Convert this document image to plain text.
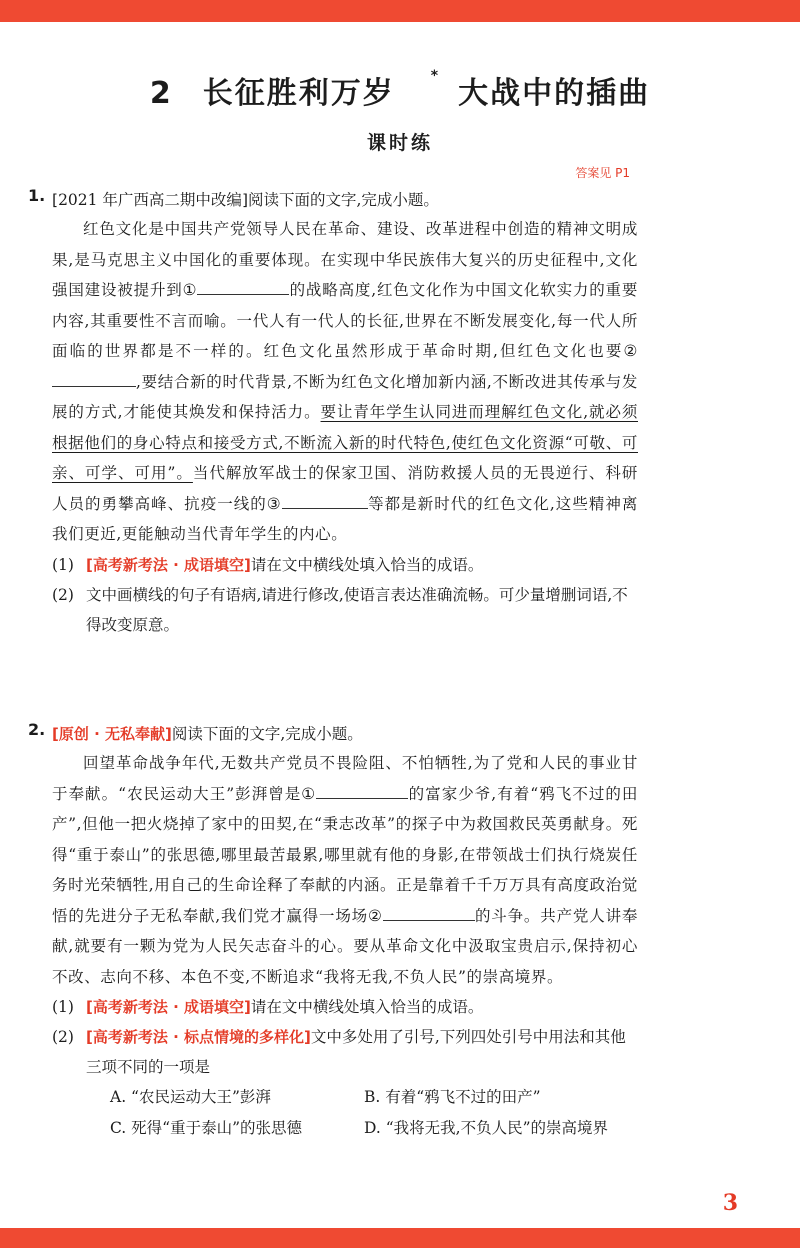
2 长征胜利万岁	* 大战中的插曲
课时练
答案见 P1
1. [2021 年广西高二期中改编]阅读下面的文字,完成小题。

红色文化是中国共产党领导人民在革命、建设、改革进程中创造的精神文明成果,是马克思主义中国化的重要体现。在实现中华民族伟大复兴的历史征程中,文化强国建设被提升到①	的战略高度,红色文化作为中国文化软实力的重要内容,其重要性不言而喻。一代人有一代人的长征,世界在不断发展变化,每一代人所面临的世界都是不一样的。红色文化虽然形成于革命时期,但红色文化也要②,要结合新的时代背景,不断为红色文化增加新内涵,不断改进其传承与发展的方式,才能使其焕发和保持活力。要让青年学生认同进而理解红色文化,就必须根据他们的身心特点和接受方式,不断流入新的时代特色,使红色文化资源“可敬、可亲、可学、可用”。当代解放军战士的保家卫国、消防救援人员的无畏逆行、科研人员的勇攀高峰、抗疫一线的③	等都是新时代的红色文化,这些精神离我们更近,更能触动当代青年学生的内心。

(1) [高考新考法 · 成语填空]请在文中横线处填入恰当的成语。
(2) 文中画横线的句子有语病,请进行修改,使语言表达准确流畅。可少量增删词语,不得改变原意。
2. [原创 · 无私奉献]阅读下面的文字,完成小题。

回望革命战争年代,无数共产党员不畏险阻、不怕牺牲,为了党和人民的事业甘于奉献。“农民运动大王”彭湃曾是①	的富家少爷,有着“鸦飞不过的田产”,但他一把火烧掉了家中的田契,在“秉志改革”的探子中为救国救民英勇献身。死得“重于泰山”的张思德,哪里最苦最累,哪里就有他的身影,在带领战士们执行烧炭任务时光荣牺牲,用自己的生命诠释了奉献的内涵。正是靠着千千万万具有高度政治觉悟的先进分子无私奉献,我们党才赢得一场场②	的斗争。共产党人讲奉献,就要有一颗为党为人民矢志奋斗的心。要从革命文化中汲取宝贵启示,保持初心不改、志向不移、本色不变,不断追求“我将无我,不负人民”的崇高境界。

(1) [高考新考法 · 成语填空]请在文中横线处填入恰当的成语。
(2) [高考新考法 · 标点情境的多样化]文中多处用了引号,下列四处引号中用法和其他三项不同的一项是
A. “农民运动大王”彭湃	B. 有着“鸦飞不过的田产”
C. 死得“重于泰山”的张思德	D. “我将无我,不负人民”的崇高境界
3
